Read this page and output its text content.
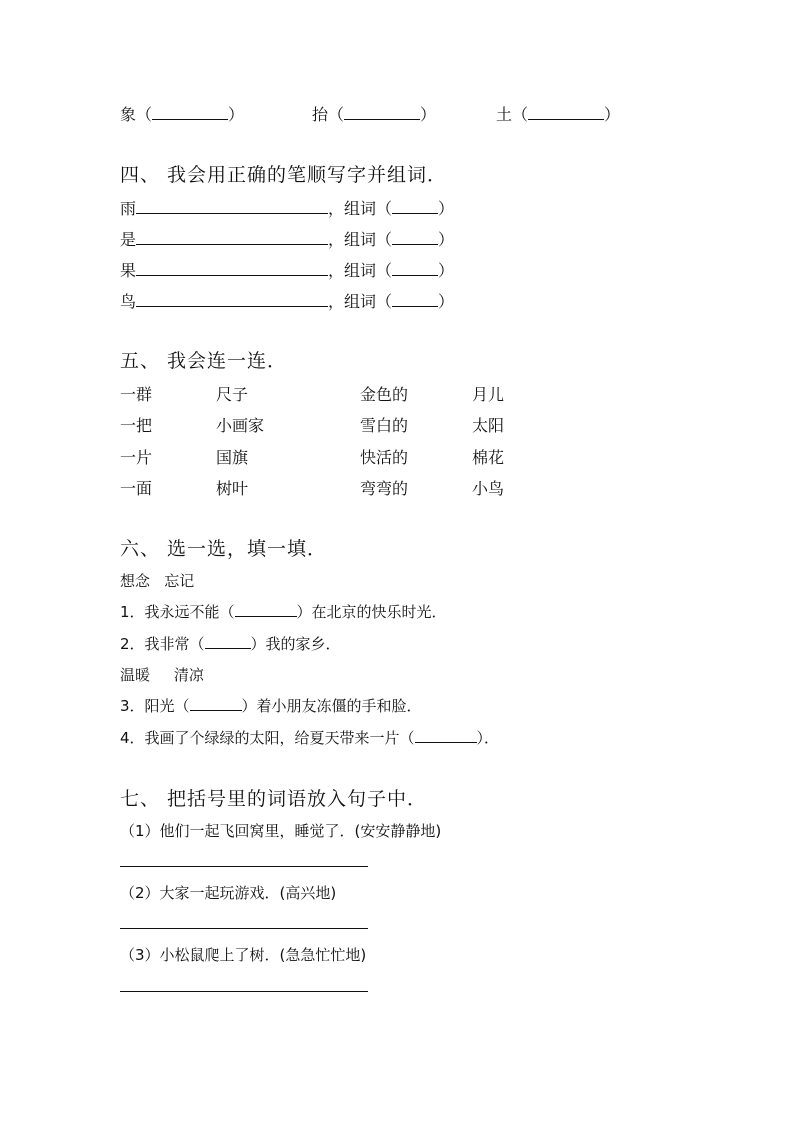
象（	）	抬（	）	土（	）
四、 我会用正确的笔顺写字并组词．
雨	，组词（	）
是	，组词（	）
果	，组词（	）
鸟	，组词（	）
五、 我会连一连．
一群	尺子	金色的	月儿
一把	小画家	雪白的	太阳
一片	国旗	快活的	棉花
一面	树叶	弯弯的	小鸟
六、 选一选，填一填．
想念   忘记
1．我永远不能（	）在北京的快乐时光．
2．我非常（	）我的家乡．
温暖     清凉
3．阳光（	）着小朋友冻僵的手和脸．
4．我画了个绿绿的太阳，给夏天带来一片（	）．
七、 把括号里的词语放入句子中．
（1）他们一起飞回窝里，睡觉了．(安安静静地)
（2）大家一起玩游戏．(高兴地)
（3）小松鼠爬上了树．(急急忙忙地)
